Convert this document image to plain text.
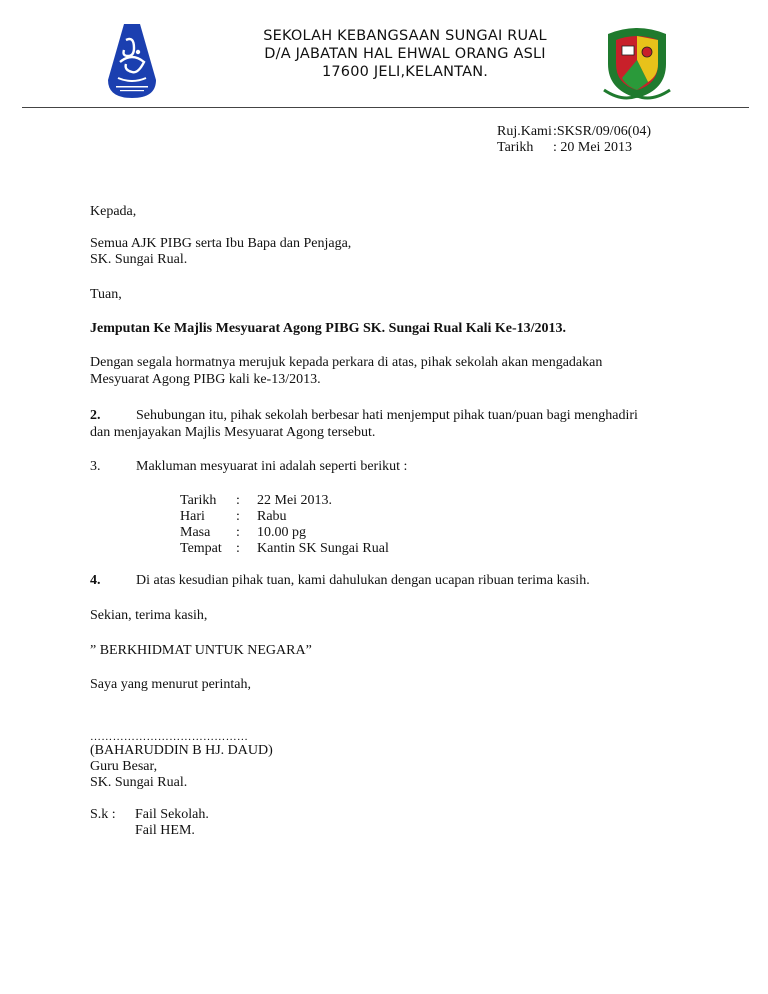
SEKOLAH KEBANGSAAN SUNGAI RUAL
D/A JABATAN HAL EHWAL ORANG ASLI
17600 JELI,KELANTAN.
Ruj.Kami :SKSR/09/06(04)
Tarikh : 20 Mei 2013
Kepada,
Semua AJK PIBG serta Ibu Bapa dan Penjaga,
SK. Sungai Rual.
Tuan,
Jemputan Ke Majlis Mesyuarat Agong PIBG SK. Sungai Rual Kali Ke-13/2013.
Dengan segala hormatnya merujuk kepada perkara di atas, pihak sekolah akan mengadakan
Mesyuarat Agong PIBG kali ke-13/2013.
2.	Sehubungan itu, pihak sekolah berbesar hati menjemput pihak tuan/puan bagi menghadiri
dan menjayakan Majlis Mesyuarat Agong tersebut.
3.	Makluman mesyuarat ini adalah seperti berikut :
Tarikh	:	22 Mei 2013.
Hari	:	Rabu
Masa	:	10.00 pg
Tempat	:	Kantin SK Sungai Rual
4.	Di atas kesudian pihak tuan, kami dahulukan dengan ucapan ribuan terima kasih.
Sekian, terima kasih,
” BERKHIDMAT UNTUK NEGARA”
Saya yang menurut perintah,
……………………………………
(BAHARUDDIN B HJ. DAUD)
Guru Besar,
SK. Sungai Rual.
S.k : Fail Sekolah.
Fail HEM.
